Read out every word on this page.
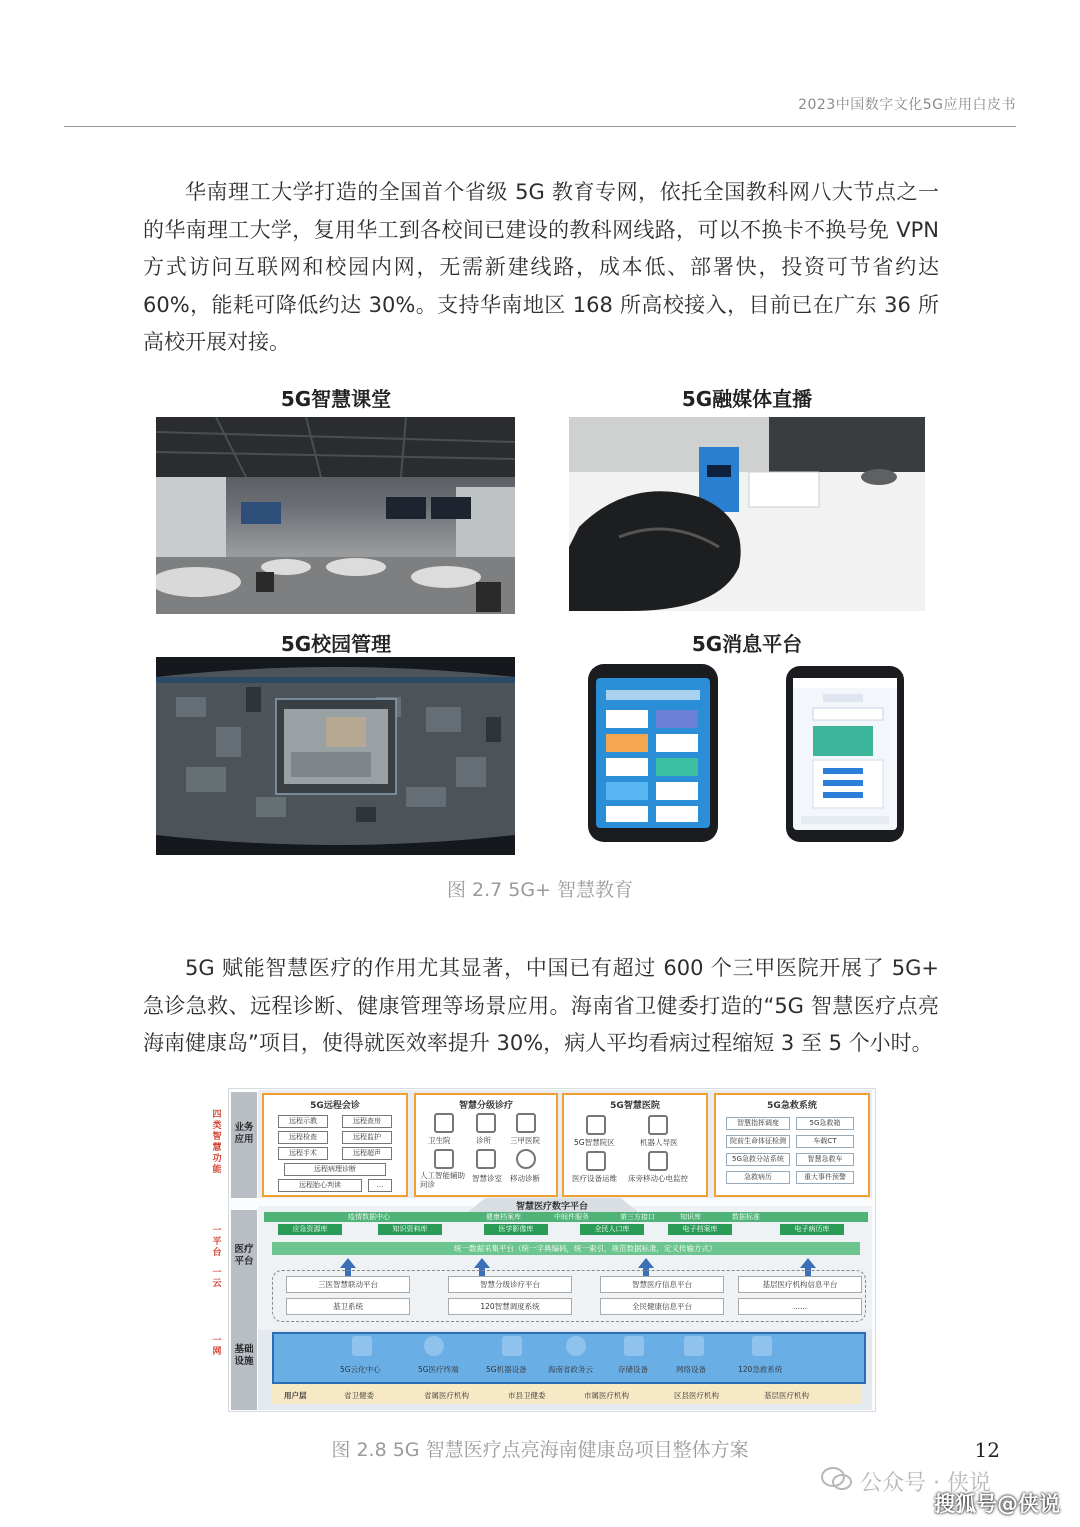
2023中国数字文化5G应用白皮书

华南理工大学打造的全国首个省级 5G 教育专网，依托全国教科网八大节点之一的华南理工大学，复用华工到各校间已建设的教科网线路，可以不换卡不换号免 VPN 方式访问互联网和校园内网，无需新建线路，成本低、部署快，投资可节省约达 60%，能耗可降低约达 30%。支持华南地区 168 所高校接入，目前已在广东 36 所高校开展对接。

5G智慧课堂	5G融媒体直播
5G校园管理	5G消息平台
图 2.7 5G+ 智慧教育

5G 赋能智慧医疗的作用尤其显著，中国已有超过 600 个三甲医院开展了 5G+ 急诊急救、远程诊断、健康管理等场景应用。海南省卫健委打造的“5G 智慧医疗点亮海南健康岛”项目，使得就医效率提升 30%，病人平均看病过程缩短 3 至 5 个小时。

四类智慧功能
一平台
一云
一网
业务应用
医疗平台
基础设施
5G远程会诊
远程示教	远程查房
远程检查	远程监护
远程手术	远程超声
远程病理诊断
远程胎心判读	...
智慧分级诊疗
卫生院	诊所	三甲医院
人工智能辅助问诊
智慧诊室 移动诊断
5G智慧医院
5G智慧院区	机器人导医
医疗设备运维 床旁移动心电监控
5G急救系统
智慧指挥调度	5G急救箱
院前生命体征检测	车载CT
5G急救分站系统	智慧急救车
急救病历	重大事件预警
智慧医疗数字平台
疫情数据中心	健康档案库	中间件服务	第三方接口	知识库	数据标准
应急资源库	知识资料库	医学影像库	全民人口库	电子档案库	电子病历库
统一数据采集平台（统一字典编码，统一索引，规范数据标准，定义传输方式）
三医智慧联动平台	智慧分级诊疗平台	智慧医疗信息平台	基层医疗机构信息平台
基卫系统	120智慧调度系统	全民健康信息平台	......
5G云化中心	5G医疗终端	5G机器设备	海南省政务云	存储设备	网络设备	120急救系统
用户层	省卫健委	省属医疗机构	市县卫健委	市属医疗机构	区县医疗机构	基层医疗机构
图 2.8 5G 智慧医疗点亮海南健康岛项目整体方案	12
公众号 · 侠说
搜狐号@侠说
